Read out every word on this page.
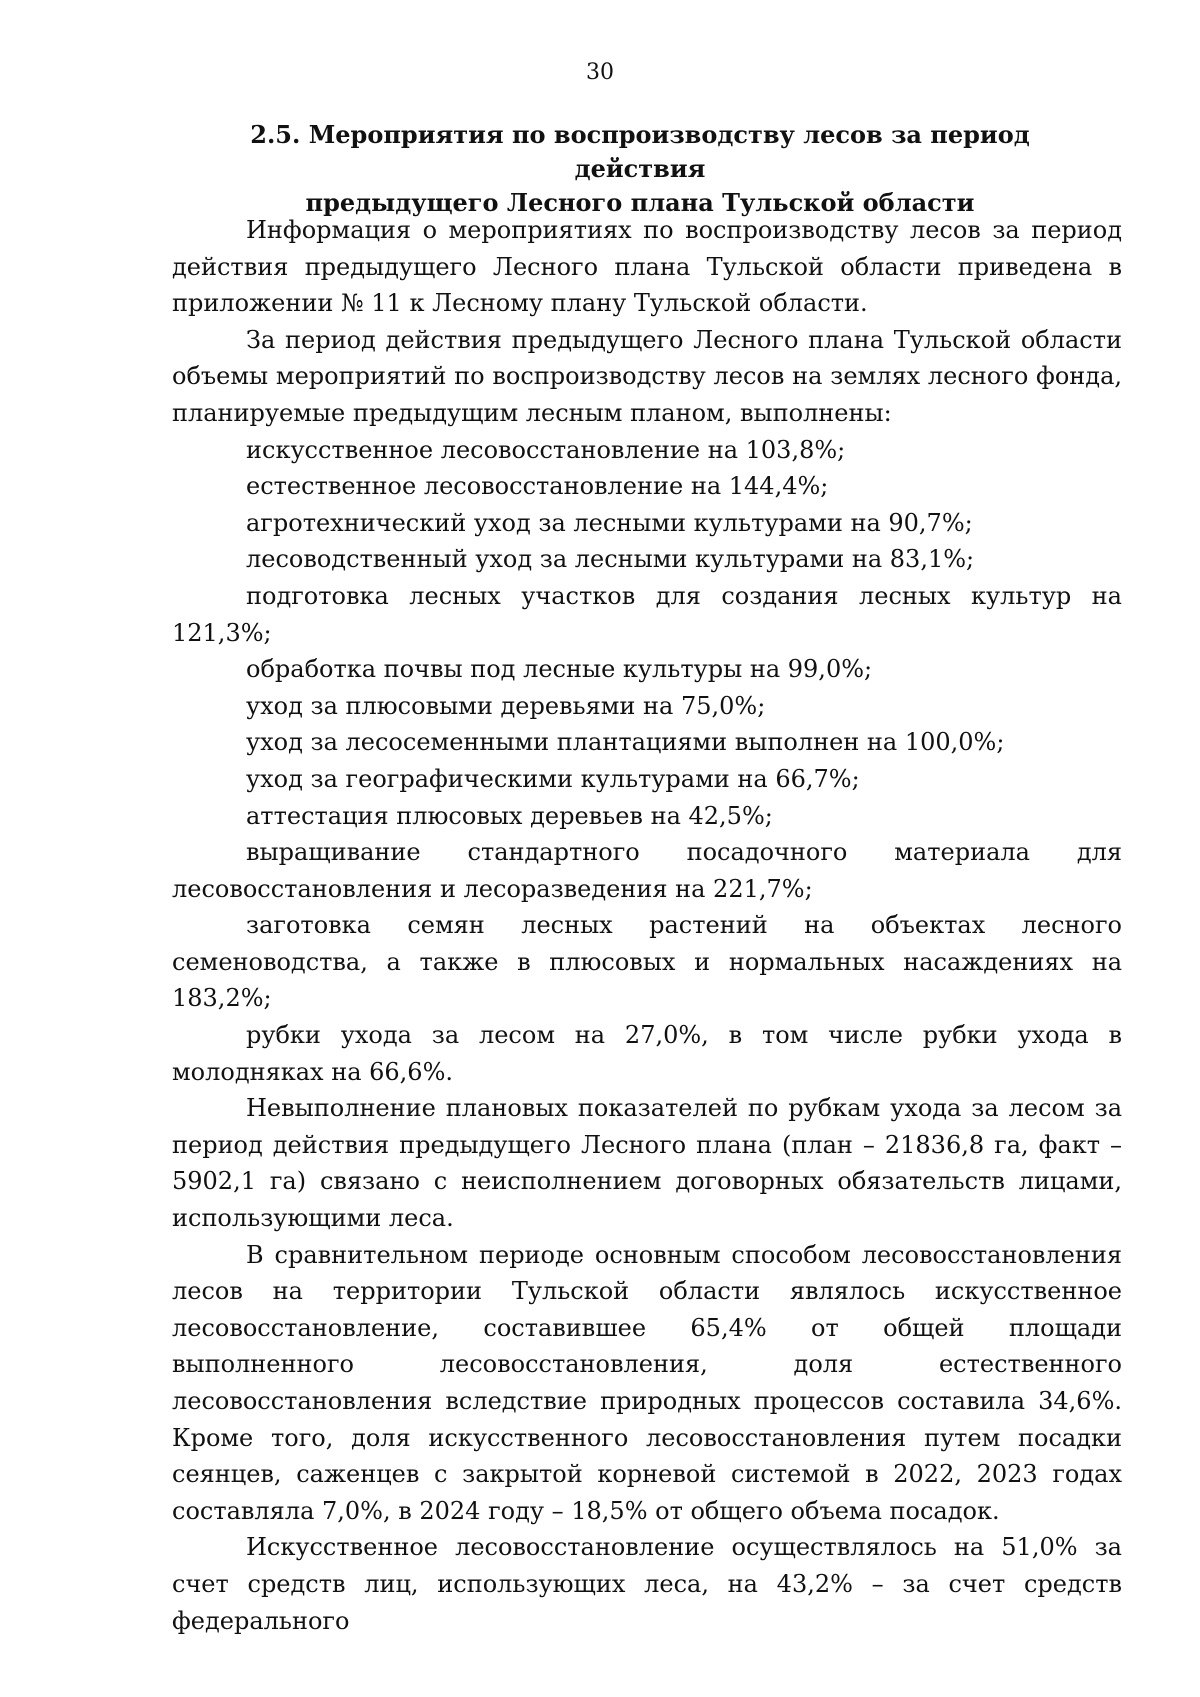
30
2.5. Мероприятия по воспроизводству лесов за период действия
предыдущего Лесного плана Тульской области

Информация о мероприятиях по воспроизводству лесов за период действия предыдущего Лесного плана Тульской области приведена в приложении № 11 к Лесному плану Тульской области.

За период действия предыдущего Лесного плана Тульской области объемы мероприятий по воспроизводству лесов на землях лесного фонда, планируемые предыдущим лесным планом, выполнены:

искусственное лесовосстановление на 103,8%;

естественное лесовосстановление на 144,4%;

агротехнический уход за лесными культурами на 90,7%;

лесоводственный уход за лесными культурами на 83,1%;

подготовка лесных участков для создания лесных культур на 121,3%;

обработка почвы под лесные культуры на 99,0%;

уход за плюсовыми деревьями на 75,0%;

уход за лесосеменными плантациями выполнен на 100,0%;

уход за географическими культурами на 66,7%;

аттестация плюсовых деревьев на 42,5%;

выращивание стандартного посадочного материала для лесовосстановления и лесоразведения на 221,7%;

заготовка семян лесных растений на объектах лесного семеноводства, а также в плюсовых и нормальных насаждениях на 183,2%;

рубки ухода за лесом на 27,0%, в том числе рубки ухода в молодняках на 66,6%.

Невыполнение плановых показателей по рубкам ухода за лесом за период действия предыдущего Лесного плана (план – 21836,8 га, факт – 5902,1 га) связано с неисполнением договорных обязательств лицами, использующими леса.

В сравнительном периоде основным способом лесовосстановления лесов на территории Тульской области являлось искусственное лесовосстановление, составившее 65,4% от общей площади выполненного лесовосстановления, доля естественного лесовосстановления вследствие природных процессов составила 34,6%. Кроме того, доля искусственного лесовосстановления путем посадки сеянцев, саженцев с закрытой корневой системой в 2022, 2023 годах составляла 7,0%, в 2024 году – 18,5% от общего объема посадок.

Искусственное лесовосстановление осуществлялось на 51,0% за счет средств лиц, использующих леса, на 43,2% – за счет средств федерального
